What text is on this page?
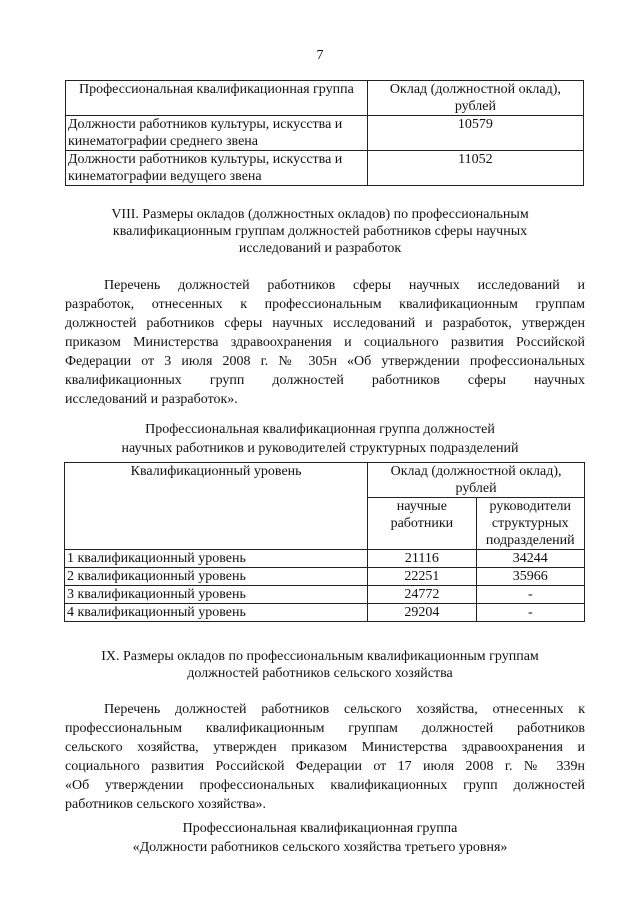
7
Профессиональная квалификационная группа	Оклад (должностной оклад), рублей
Должности работников культуры, искусства и кинематографии среднего звена	10579
Должности работников культуры, искусства и кинематографии ведущего звена	11052
VIII. Размеры окладов (должностных окладов) по профессиональным
квалификационным группам должностей работников сферы научных
исследований и разработок
Перечень должностей работников сферы научных исследований и
разработок, отнесенных к профессиональным квалификационным группам
должностей работников сферы научных исследований и разработок, утвержден
приказом Министерства здравоохранения и социального развития Российской
Федерации от 3 июля 2008 г. № 305н «Об утверждении профессиональных
квалификационных групп должностей работников сферы научных
исследований и разработок».
Профессиональная квалификационная группа должностей
научных работников и руководителей структурных подразделений
Квалификационный уровень	Оклад (должностной оклад), рублей	
	научные работники	руководители структурных подразделений
1 квалификационный уровень	21116	34244
2 квалификационный уровень	22251	35966
3 квалификационный уровень	24772	-
4 квалификационный уровень	29204	-
IX. Размеры окладов по профессиональным квалификационным группам
должностей работников сельского хозяйства
Перечень должностей работников сельского хозяйства, отнесенных к
профессиональным квалификационным группам должностей работников
сельского хозяйства, утвержден приказом Министерства здравоохранения и
социального развития Российской Федерации от 17 июля 2008 г. № 339н
«Об утверждении профессиональных квалификационных групп должностей
работников сельского хозяйства».
Профессиональная квалификационная группа
«Должности работников сельского хозяйства третьего уровня»
